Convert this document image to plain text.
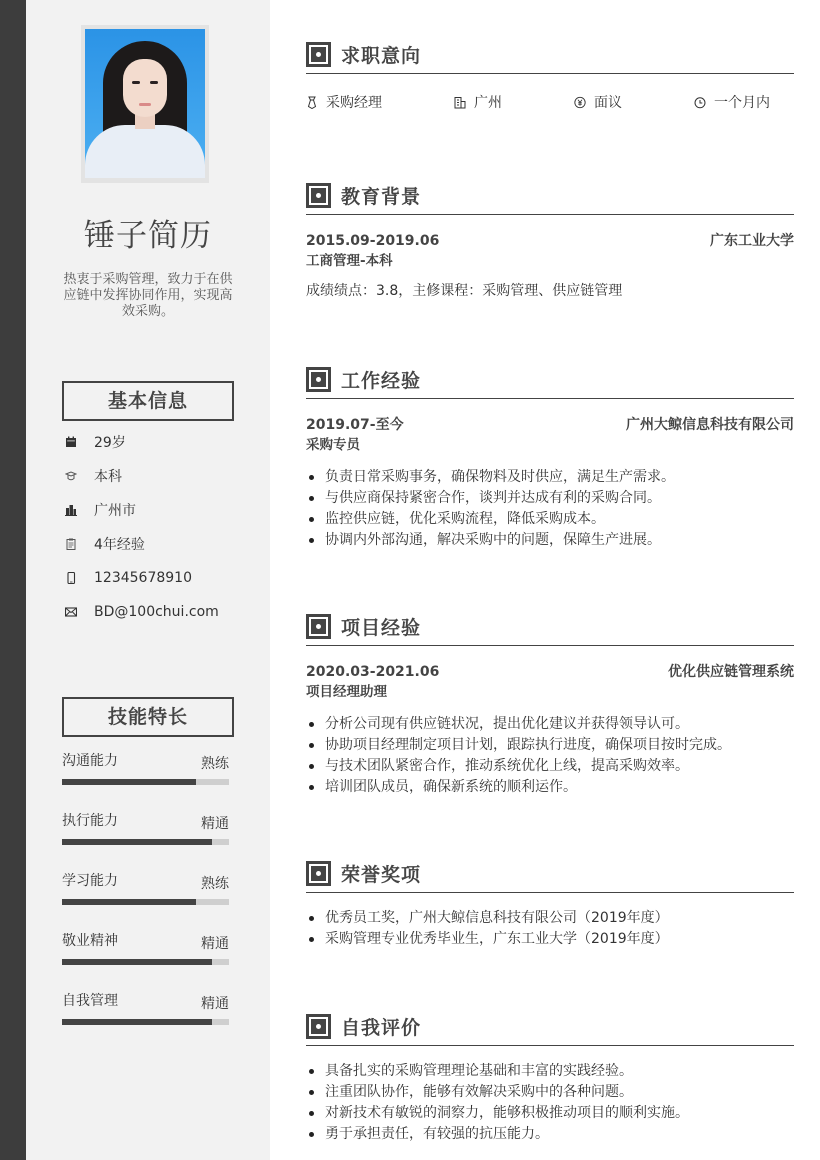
锤子简历
热衷于采购管理，致力于在供应链中发挥协同作用，实现高效采购。
基本信息
29岁
本科
广州市
4年经验
12345678910
BD@100chui.com
技能特长
沟通能力	熟练
执行能力	精通
学习能力	熟练
敬业精神	精通
自我管理	精通
求职意向
采购经理	广州	面议	一个月内
教育背景
2015.09-2019.06	广东工业大学
工商管理-本科
成绩绩点：3.8，主修课程：采购管理、供应链管理
工作经验
2019.07-至今	广州大鲸信息科技有限公司
采购专员
负责日常采购事务，确保物料及时供应，满足生产需求。
与供应商保持紧密合作，谈判并达成有利的采购合同。
监控供应链，优化采购流程，降低采购成本。
协调内外部沟通，解决采购中的问题，保障生产进展。
项目经验
2020.03-2021.06	优化供应链管理系统
项目经理助理
分析公司现有供应链状况，提出优化建议并获得领导认可。
协助项目经理制定项目计划，跟踪执行进度，确保项目按时完成。
与技术团队紧密合作，推动系统优化上线，提高采购效率。
培训团队成员，确保新系统的顺利运作。
荣誉奖项
优秀员工奖，广州大鲸信息科技有限公司（2019年度）
采购管理专业优秀毕业生，广东工业大学（2019年度）
自我评价
具备扎实的采购管理理论基础和丰富的实践经验。
注重团队协作，能够有效解决采购中的各种问题。
对新技术有敏锐的洞察力，能够积极推动项目的顺利实施。
勇于承担责任，有较强的抗压能力。
